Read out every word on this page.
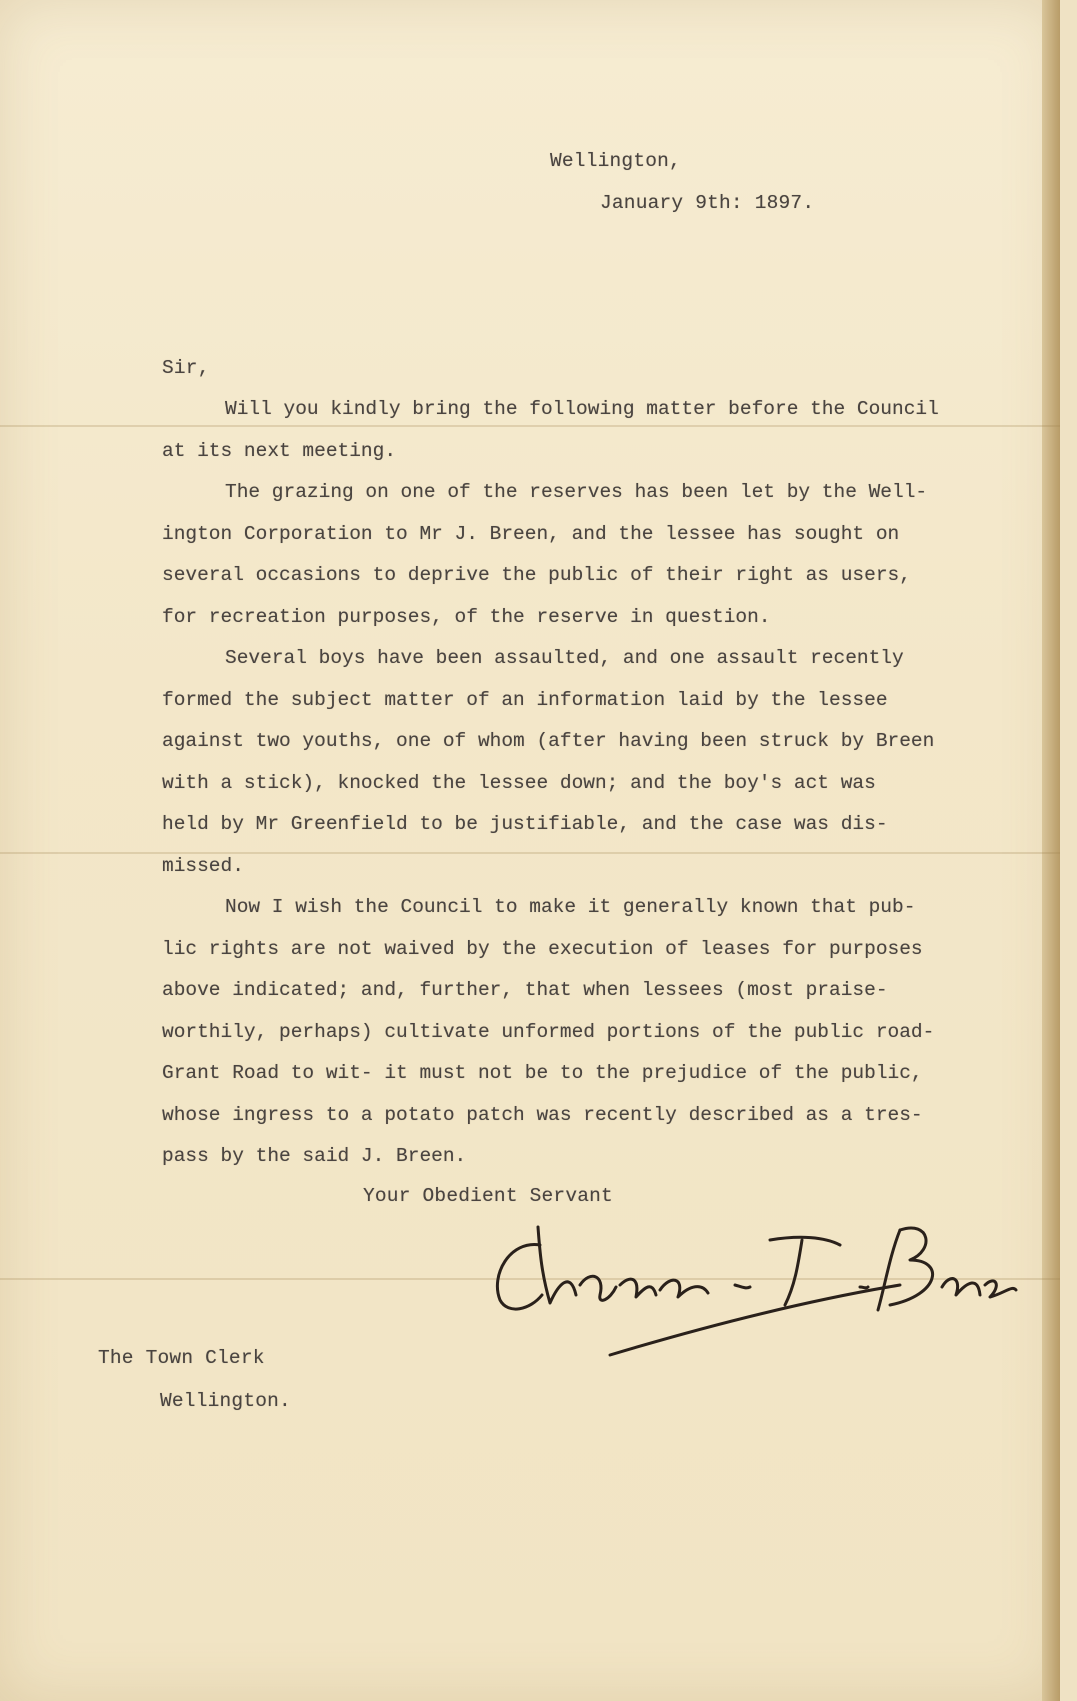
Wellington,
January 9th: 1897.
Sir,
Will you kindly bring the following matter before the Council
at its next meeting.
The grazing on one of the reserves has been let by the Well-
ington Corporation to Mr J. Breen, and the lessee has sought on
several occasions to deprive the public of their right as users,
for recreation purposes, of the reserve in question.
Several boys have been assaulted, and one assault recently
formed the subject matter of an information laid by the lessee
against two youths, one of whom (after having been struck by Breen
with a stick), knocked the lessee down; and the boy's act was
held by Mr Greenfield to be justifiable, and the case was dis-
missed.
Now I wish the Council to make it generally known that pub-
lic rights are not waived by the execution of leases for purposes
above indicated; and, further, that when lessees (most praise-
worthily, perhaps) cultivate unformed portions of the public road-
Grant Road to wit- it must not be to the prejudice of the public,
whose ingress to a potato patch was recently described as a tres-
pass by the said J. Breen.
Your Obedient Servant
The Town Clerk
Wellington.
